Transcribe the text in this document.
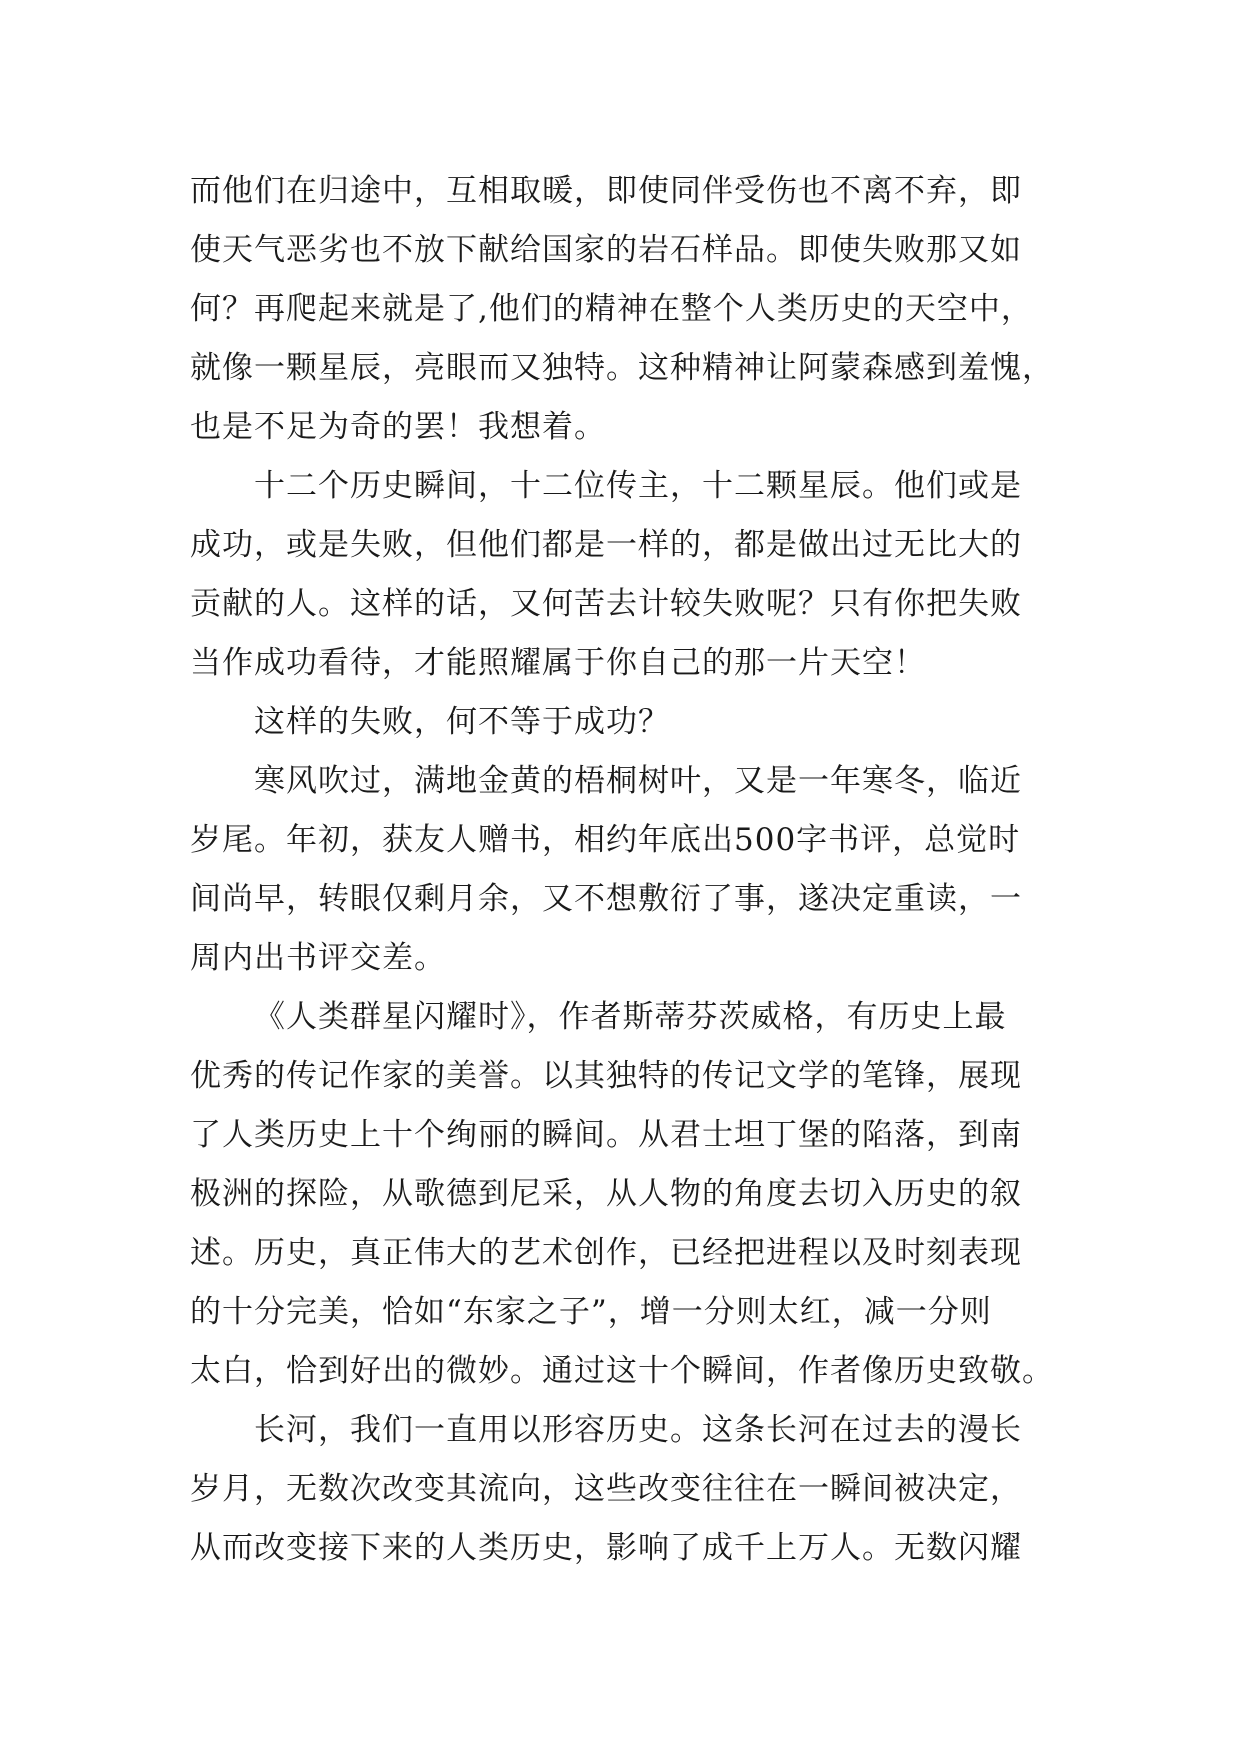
而他们在归途中，互相取暖，即使同伴受伤也不离不弃，即
使天气恶劣也不放下献给国家的岩石样品。即使失败那又如
何？再爬起来就是了,他们的精神在整个人类历史的天空中，
就像一颗星辰，亮眼而又独特。这种精神让阿蒙森感到羞愧，
也是不足为奇的罢！我想着。
十二个历史瞬间，十二位传主，十二颗星辰。他们或是
成功，或是失败，但他们都是一样的，都是做出过无比大的
贡献的人。这样的话，又何苦去计较失败呢？只有你把失败
当作成功看待，才能照耀属于你自己的那一片天空！
这样的失败，何不等于成功？
寒风吹过，满地金黄的梧桐树叶，又是一年寒冬，临近
岁尾。年初，获友人赠书，相约年底出500字书评，总觉时
间尚早，转眼仅剩月余，又不想敷衍了事，遂决定重读，一
周内出书评交差。
《人类群星闪耀时》，作者斯蒂芬茨威格，有历史上最
优秀的传记作家的美誉。以其独特的传记文学的笔锋，展现
了人类历史上十个绚丽的瞬间。从君士坦丁堡的陷落，到南
极洲的探险，从歌德到尼采，从人物的角度去切入历史的叙
述。历史，真正伟大的艺术创作，已经把进程以及时刻表现
的十分完美，恰如“东家之子”，增一分则太红，减一分则
太白，恰到好出的微妙。通过这十个瞬间，作者像历史致敬。
长河，我们一直用以形容历史。这条长河在过去的漫长
岁月，无数次改变其流向，这些改变往往在一瞬间被决定，
从而改变接下来的人类历史，影响了成千上万人。无数闪耀
